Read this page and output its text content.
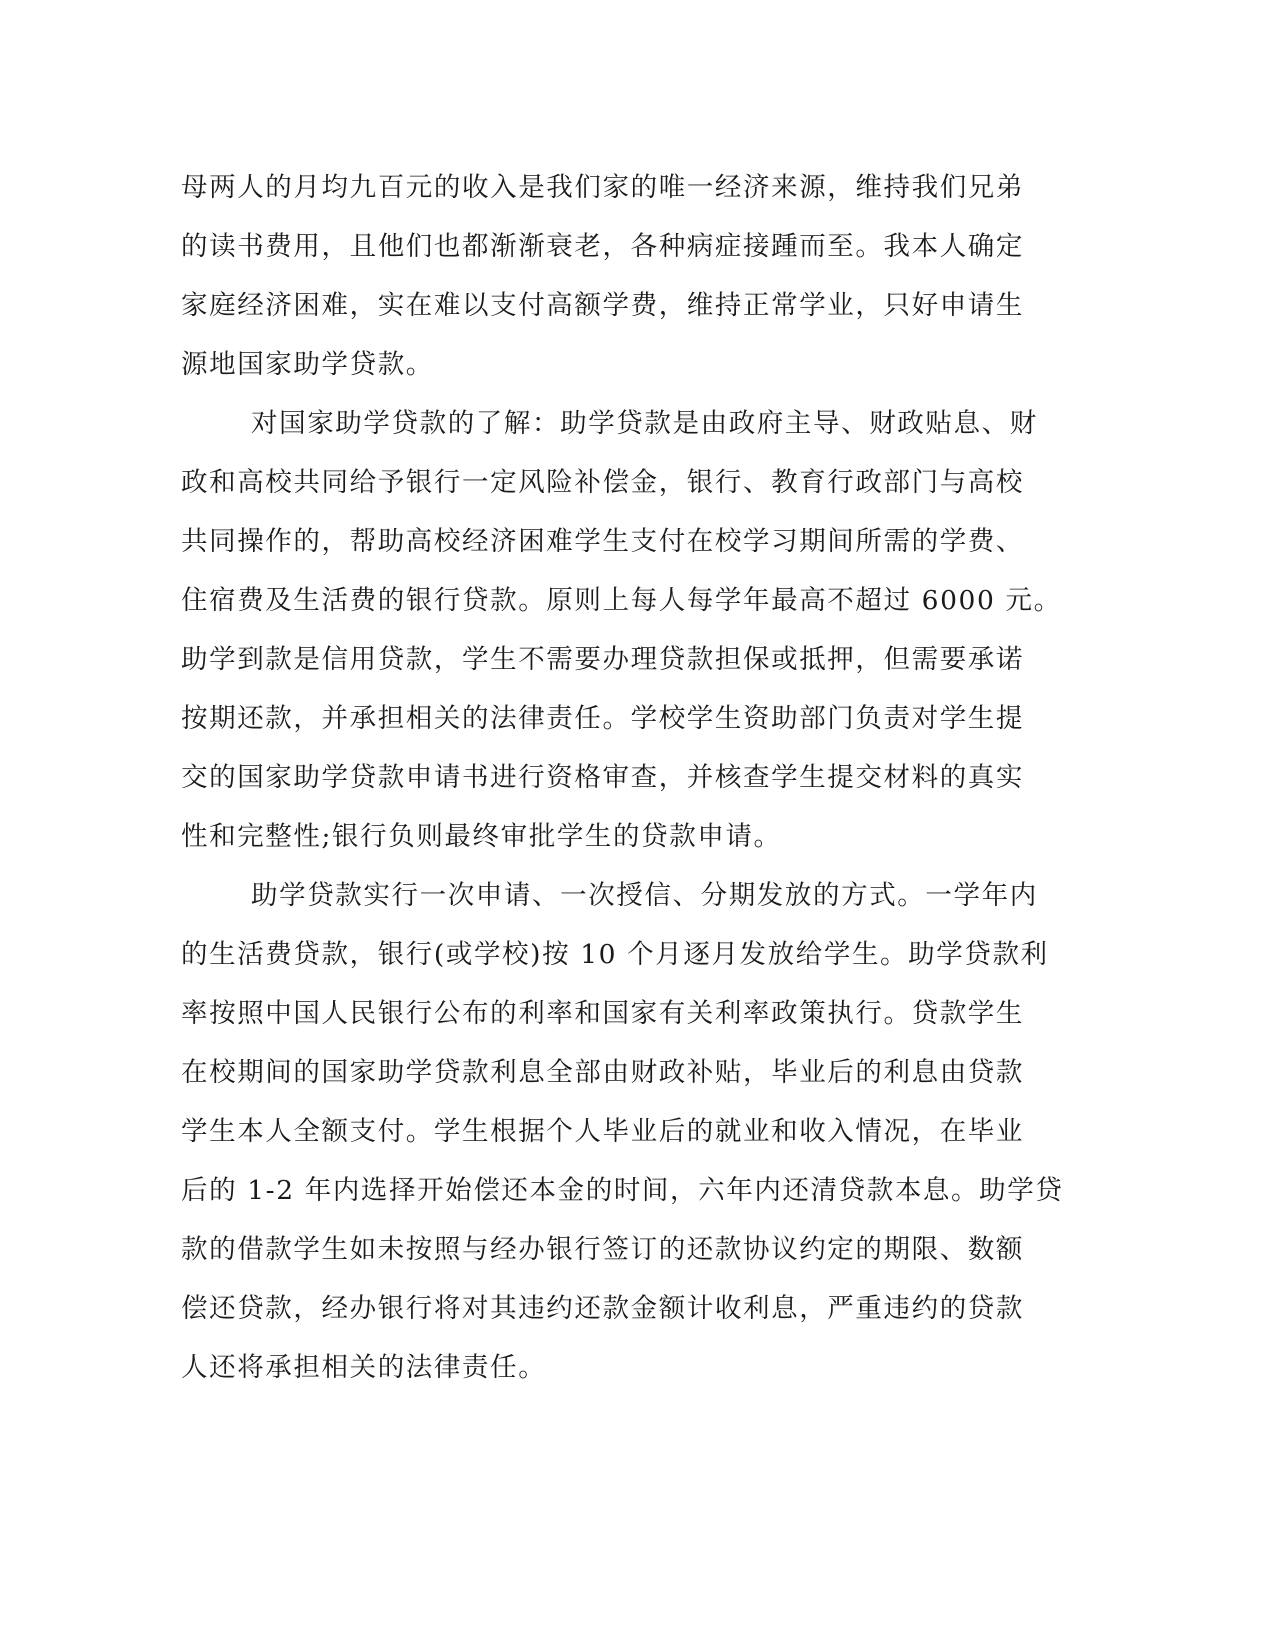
母两人的月均九百元的收入是我们家的唯一经济来源，维持我们兄弟
的读书费用，且他们也都渐渐衰老，各种病症接踵而至。我本人确定
家庭经济困难，实在难以支付高额学费，维持正常学业，只好申请生
源地国家助学贷款。
对国家助学贷款的了解：助学贷款是由政府主导、财政贴息、财
政和高校共同给予银行一定风险补偿金，银行、教育行政部门与高校
共同操作的，帮助高校经济困难学生支付在校学习期间所需的学费、
住宿费及生活费的银行贷款。原则上每人每学年最高不超过 6000 元。
助学到款是信用贷款，学生不需要办理贷款担保或抵押，但需要承诺
按期还款，并承担相关的法律责任。学校学生资助部门负责对学生提
交的国家助学贷款申请书进行资格审查，并核查学生提交材料的真实
性和完整性;银行负则最终审批学生的贷款申请。
助学贷款实行一次申请、一次授信、分期发放的方式。一学年内
的生活费贷款，银行(或学校)按 10 个月逐月发放给学生。助学贷款利
率按照中国人民银行公布的利率和国家有关利率政策执行。贷款学生
在校期间的国家助学贷款利息全部由财政补贴，毕业后的利息由贷款
学生本人全额支付。学生根据个人毕业后的就业和收入情况，在毕业
后的 1-2 年内选择开始偿还本金的时间，六年内还清贷款本息。助学贷
款的借款学生如未按照与经办银行签订的还款协议约定的期限、数额
偿还贷款，经办银行将对其违约还款金额计收利息，严重违约的贷款
人还将承担相关的法律责任。
